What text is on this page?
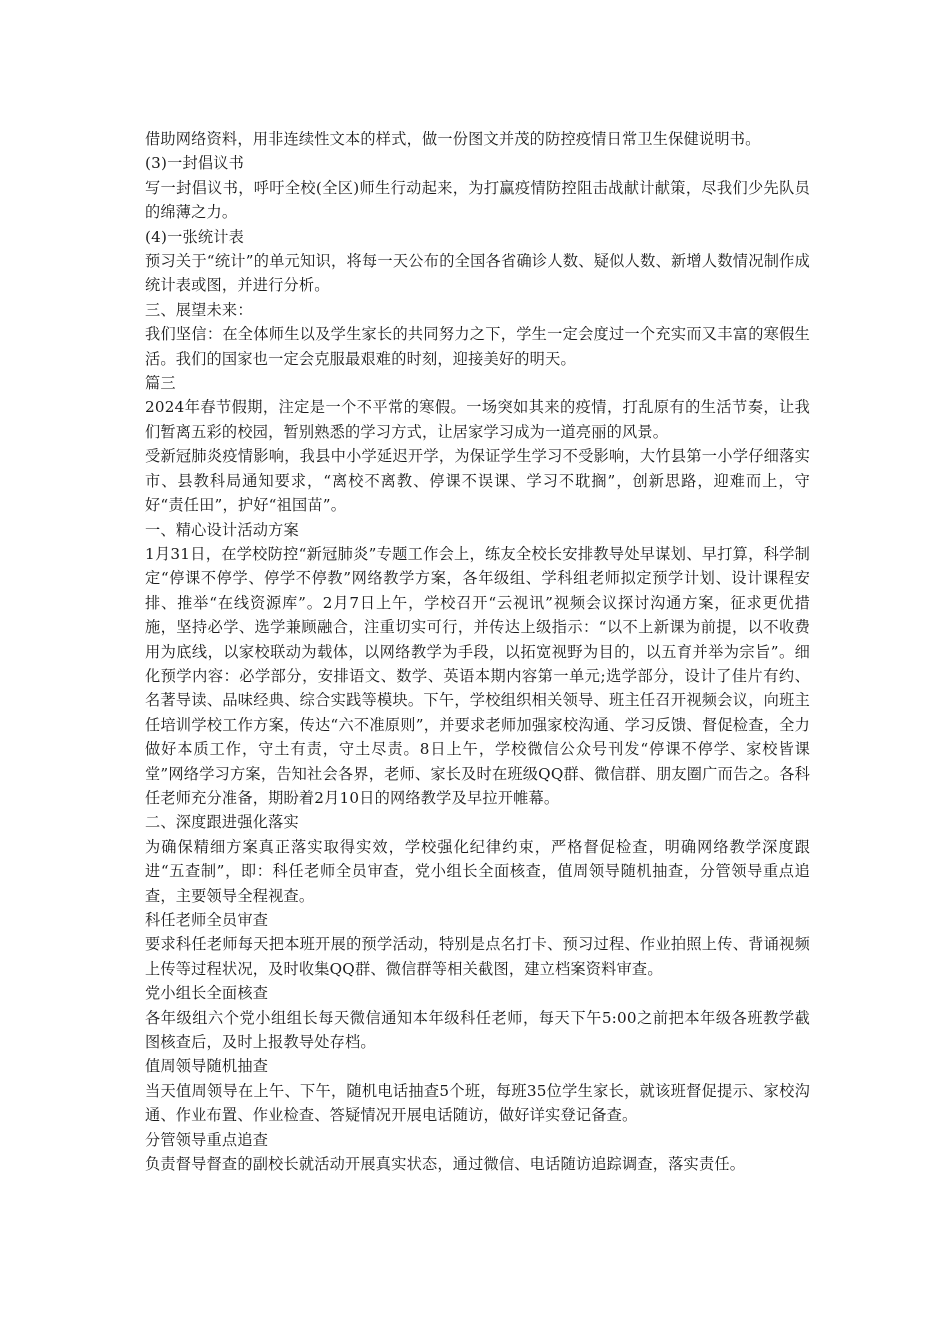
借助网络资料，用非连续性文本的样式，做一份图文并茂的防控疫情日常卫生保健说明书。

(3)一封倡议书

写一封倡议书，呼吁全校(全区)师生行动起来，为打赢疫情防控阻击战献计献策，尽我们少先队员的绵薄之力。

(4)一张统计表

预习关于“统计”的单元知识，将每一天公布的全国各省确诊人数、疑似人数、新增人数情况制作成统计表或图，并进行分析。

三、展望未来：

我们坚信：在全体师生以及学生家长的共同努力之下，学生一定会度过一个充实而又丰富的寒假生活。我们的国家也一定会克服最艰难的时刻，迎接美好的明天。

篇三

2024年春节假期，注定是一个不平常的寒假。一场突如其来的疫情，打乱原有的生活节奏，让我们暂离五彩的校园，暂别熟悉的学习方式，让居家学习成为一道亮丽的风景。

受新冠肺炎疫情影响，我县中小学延迟开学，为保证学生学习不受影响，大竹县第一小学仔细落实市、县教科局通知要求，“离校不离教、停课不误课、学习不耽搁”，创新思路，迎难而上，守好“责任田”，护好“祖国苗”。

一、精心设计活动方案

1月31日，在学校防控“新冠肺炎”专题工作会上，练友全校长安排教导处早谋划、早打算，科学制定“停课不停学、停学不停教”网络教学方案，各年级组、学科组老师拟定预学计划、设计课程安排、推举“在线资源库”。2月7日上午，学校召开“云视讯”视频会议探讨沟通方案，征求更优措施，坚持必学、选学兼顾融合，注重切实可行，并传达上级指示：“以不上新课为前提，以不收费用为底线，以家校联动为载体，以网络教学为手段，以拓宽视野为目的，以五育并举为宗旨”。细化预学内容：必学部分，安排语文、数学、英语本期内容第一单元;选学部分，设计了佳片有约、名著导读、品味经典、综合实践等模块。下午，学校组织相关领导、班主任召开视频会议，向班主任培训学校工作方案，传达“六不准原则”，并要求老师加强家校沟通、学习反馈、督促检查，全力做好本质工作，守土有责，守土尽责。8日上午，学校微信公众号刊发“停课不停学、家校皆课堂”网络学习方案，告知社会各界，老师、家长及时在班级QQ群、微信群、朋友圈广而告之。各科任老师充分准备，期盼着2月10日的网络教学及早拉开帷幕。

二、深度跟进强化落实

为确保精细方案真正落实取得实效，学校强化纪律约束，严格督促检查，明确网络教学深度跟进“五查制”，即：科任老师全员审查，党小组长全面核查，值周领导随机抽查，分管领导重点追查，主要领导全程视查。

科任老师全员审查

要求科任老师每天把本班开展的预学活动，特别是点名打卡、预习过程、作业拍照上传、背诵视频上传等过程状况，及时收集QQ群、微信群等相关截图，建立档案资料审查。

党小组长全面核查

各年级组六个党小组组长每天微信通知本年级科任老师，每天下午5:00之前把本年级各班教学截图核查后，及时上报教导处存档。

值周领导随机抽查

当天值周领导在上午、下午，随机电话抽查5个班，每班35位学生家长，就该班督促提示、家校沟通、作业布置、作业检查、答疑情况开展电话随访，做好详实登记备查。

分管领导重点追查

负责督导督查的副校长就活动开展真实状态，通过微信、电话随访追踪调查，落实责任。
